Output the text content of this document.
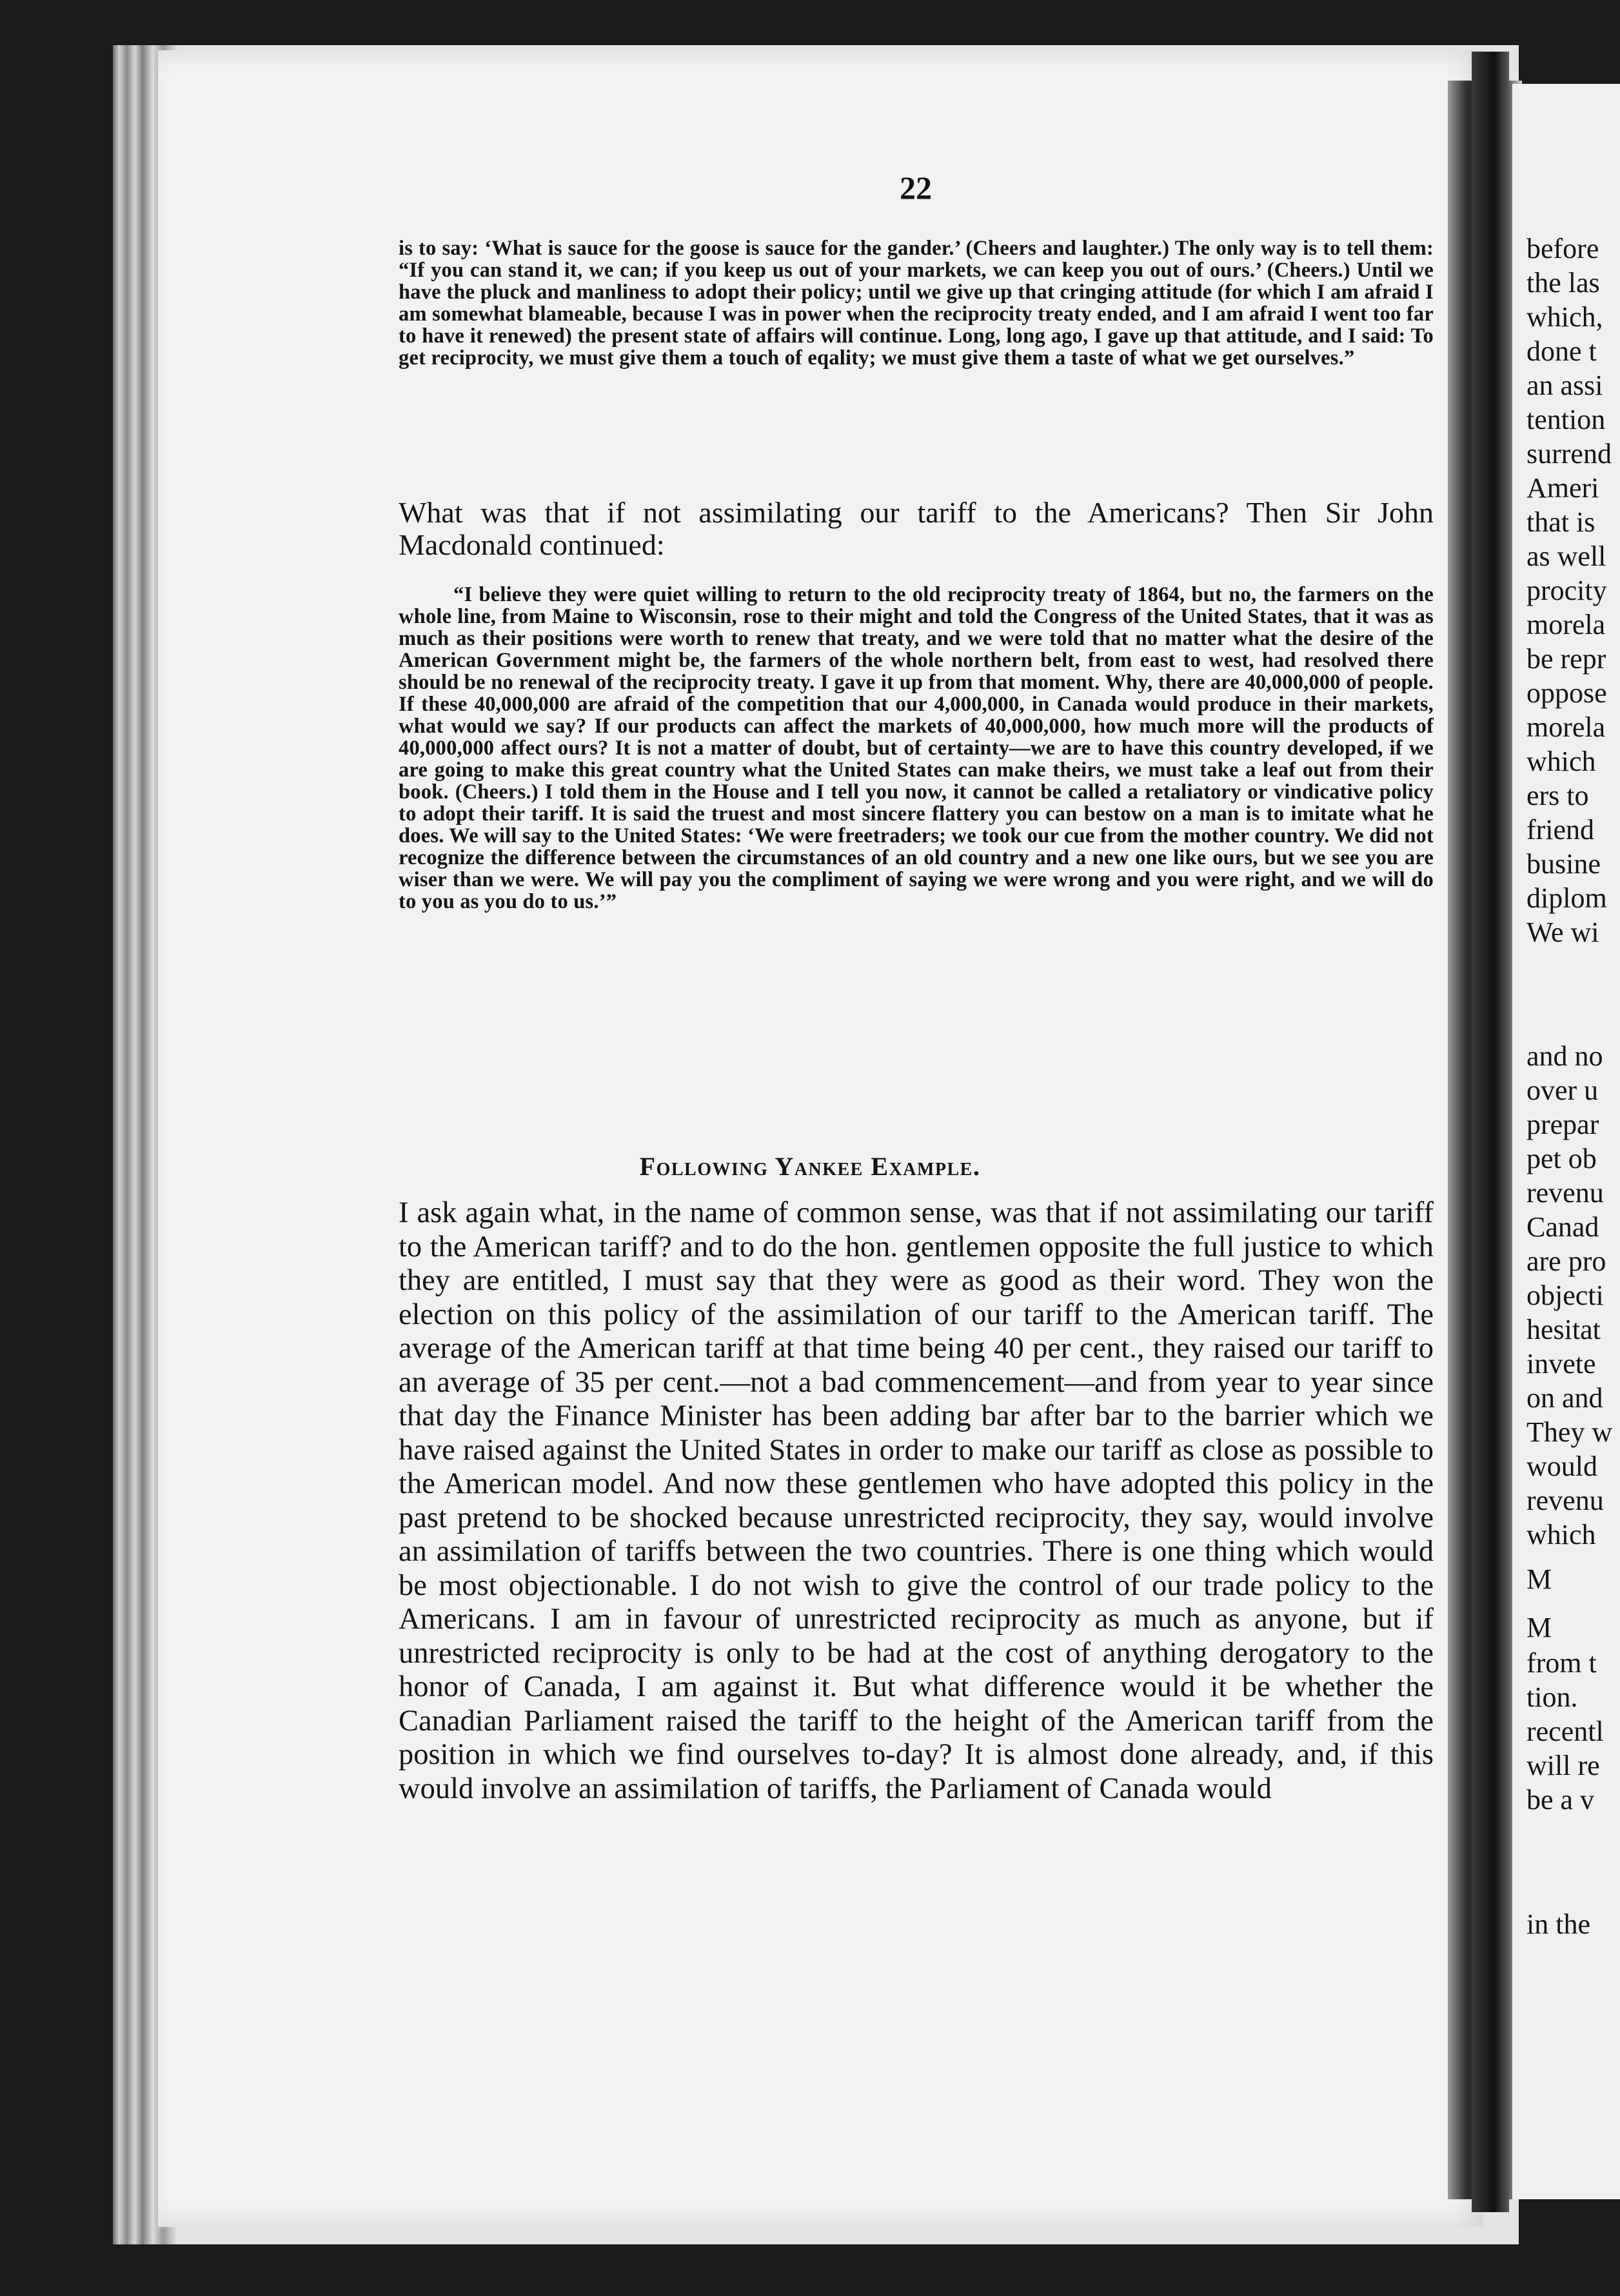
before
the las
which,
done t
an assi
tention
surrend
Ameri
that is
as well
procity
morela
be repr
oppose
morela
which
ers to
friend
busine
diplom
We wi
and no
over u
prepar
pet ob
revenu
Canad
are pro
objecti
hesitat
invete
on and
They w
would
revenu
which
M
M
from t
tion.
recentl
will re
be a v
in the
22

is to say: ‘What is sauce for the goose is sauce for the gander.’ (Cheers and laughter.) The only way is to tell them: “If you can stand it, we can; if you keep us out of your markets, we can keep you out of ours.’ (Cheers.) Until we have the pluck and manliness to adopt their policy; until we give up that cringing attitude (for which I am afraid I am somewhat blameable, because I was in power when the reciprocity treaty ended, and I am afraid I went too far to have it renewed) the present state of affairs will continue. Long, long ago, I gave up that attitude, and I said: To get reciprocity, we must give them a touch of eqality; we must give them a taste of what we get ourselves.”

What was that if not assimilating our tariff to the Americans? Then Sir John Macdonald continued:

“I believe they were quiet willing to return to the old reciprocity treaty of 1864, but no, the farmers on the whole line, from Maine to Wisconsin, rose to their might and told the Congress of the United States, that it was as much as their positions were worth to renew that treaty, and we were told that no matter what the desire of the American Government might be, the farmers of the whole northern belt, from east to west, had resolved there should be no renewal of the reciprocity treaty. I gave it up from that moment. Why, there are 40,000,000 of people. If these 40,000,000 are afraid of the competition that our 4,000,000, in Canada would produce in their markets, what would we say? If our products can affect the markets of 40,000,000, how much more will the products of 40,000,000 affect ours? It is not a matter of doubt, but of certainty—we are to have this country developed, if we are going to make this great country what the United States can make theirs, we must take a leaf out from their book. (Cheers.) I told them in the House and I tell you now, it cannot be called a retaliatory or vindicative policy to adopt their tariff. It is said the truest and most sincere flattery you can bestow on a man is to imitate what he does. We will say to the United States: ‘We were freetraders; we took our cue from the mother country. We did not recognize the difference between the circumstances of an old country and a new one like ours, but we see you are wiser than we were. We will pay you the compliment of saying we were wrong and you were right, and we will do to you as you do to us.’”

Following Yankee Example.

I ask again what, in the name of common sense, was that if not assimilating our tariff to the American tariff? and to do the hon. gentlemen opposite the full justice to which they are entitled, I must say that they were as good as their word. They won the election on this policy of the assimilation of our tariff to the American tariff. The average of the American tariff at that time being 40 per cent., they raised our tariff to an average of 35 per cent.—not a bad commencement—and from year to year since that day the Finance Minister has been adding bar after bar to the barrier which we have raised against the United States in order to make our tariff as close as possible to the American model. And now these gentlemen who have adopted this policy in the past pretend to be shocked because unrestricted reciprocity, they say, would involve an assimilation of tariffs between the two countries. There is one thing which would be most objectionable. I do not wish to give the control of our trade policy to the Americans. I am in favour of unrestricted reciprocity as much as anyone, but if unrestricted reciprocity is only to be had at the cost of anything derogatory to the honor of Canada, I am against it. But what difference would it be whether the Canadian Parliament raised the tariff to the height of the American tariff from the position in which we find ourselves to-day? It is almost done already, and, if this would involve an assimilation of tariffs, the Parliament of Canada would
